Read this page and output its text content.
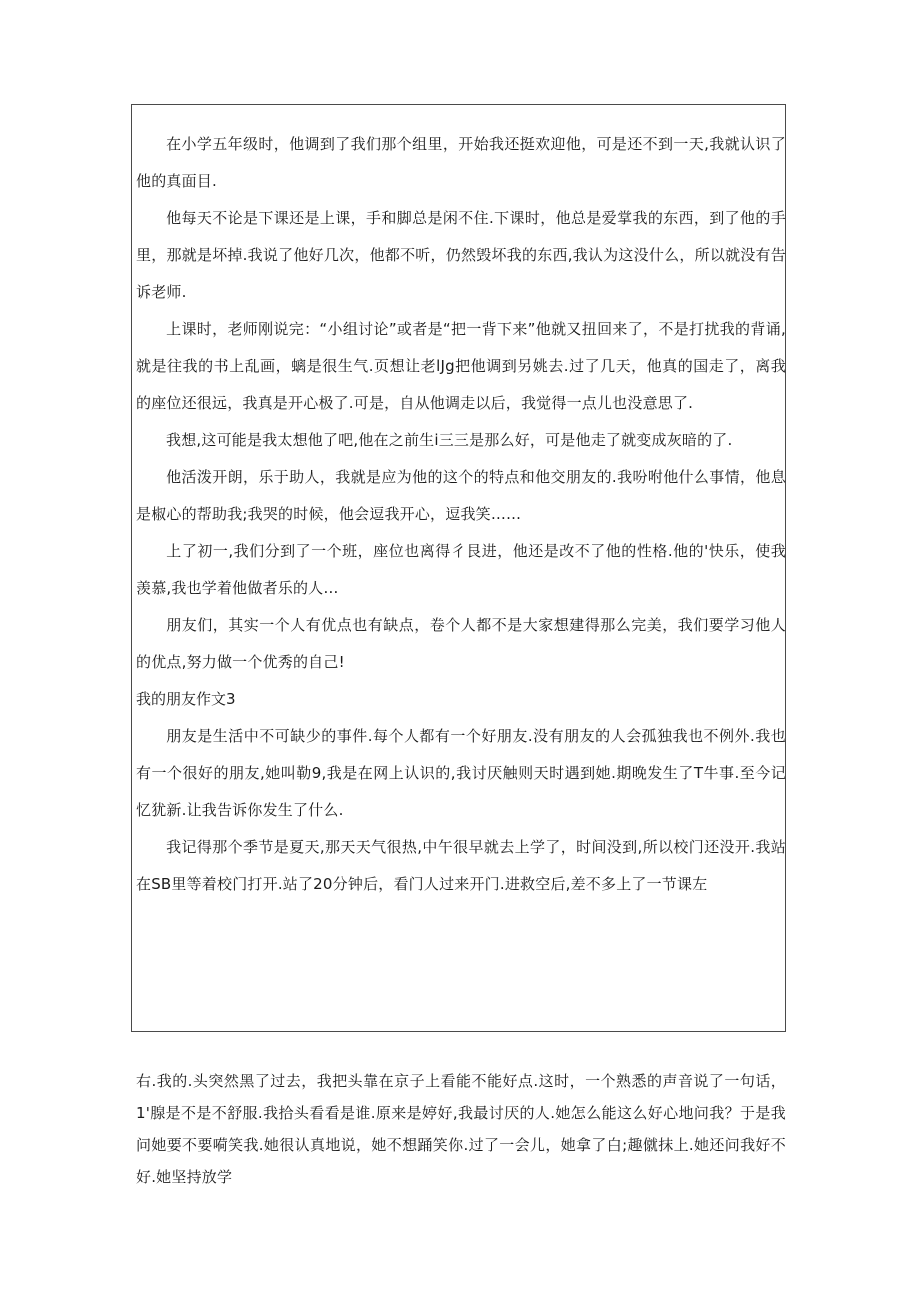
在小学五年级时，他调到了我们那个组里，开始我还挺欢迎他，可是还不到一天,我就认识了他的真面目.

他每天不论是下课还是上课，手和脚总是闲不住.下课时，他总是爱掌我的东西，到了他的手里，那就是坏掉.我说了他好几次，他都不听，仍然毁坏我的东西,我认为这没什么，所以就没有告诉老师.

上课时，老师刚说完：“小组讨论”或者是“把一背下来”他就又扭回来了，不是打扰我的背诵,就是往我的书上乱画，螭是很生气.页想让老lJg把他调到另姚去.过了几天，他真的国走了，离我的座位还很远，我真是开心极了.可是，自从他调走以后，我觉得一点儿也没意思了.

我想,这可能是我太想他了吧,他在之前生i三三是那么好，可是他走了就变成灰暗的了.

他活泼开朗，乐于助人，我就是应为他的这个的特点和他交朋友的.我吩咐他什么事情，他息是椒心的帮助我;我哭的时候，他会逗我开心，逗我笑……

上了初一,我们分到了一个班，座位也离得彳艮进，他还是改不了他的性格.他的'快乐，使我羡慕,我也学着他做者乐的人…

朋友们，其实一个人有优点也有缺点，卷个人都不是大家想建得那么完美，我们要学习他人的优点,努力做一个优秀的自己!

我的朋友作文3

朋友是生活中不可缺少的事件.每个人都有一个好朋友.没有朋友的人会孤独我也不例外.我也有一个很好的朋友,她叫勒9,我是在网上认识的,我讨厌触则天时遇到她.期晚发生了T牛事.至今记忆犹新.让我告诉你发生了什么.

我记得那个季节是夏天,那天天气很热,中午很早就去上学了，时间没到,所以校门还没开.我站在SB里等着校门打开.站了20分钟后，看门人过来开门.进救空后,差不多上了一节课左

右.我的.头突然黑了过去，我把头靠在京子上看能不能好点.这时，一个熟悉的声音说了一句话，1'腺是不是不舒服.我拾头看看是谁.原来是婷好,我最讨厌的人.她怎么能这么好心地问我？于是我问她要不要嗬笑我.她很认真地说，她不想踊笑你.过了一会儿，她拿了白;趣僦抹上.她还问我好不好.她坚持放学
